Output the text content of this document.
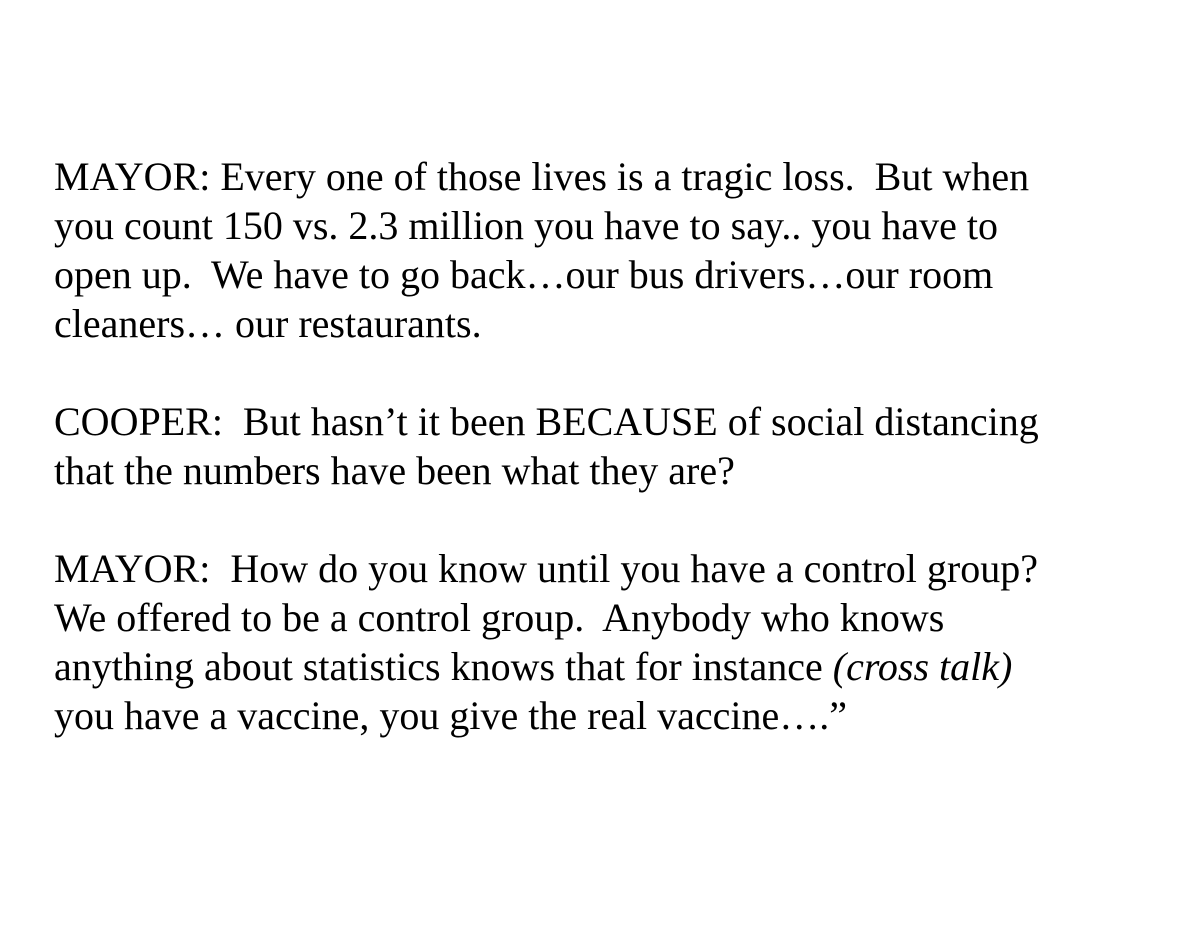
MAYOR: Every one of those lives is a tragic loss.  But when
you count 150 vs. 2.3 million you have to say.. you have to
open up.  We have to go back…our bus drivers…our room
cleaners… our restaurants.
COOPER:  But hasn’t it been BECAUSE of social distancing
that the numbers have been what they are?
MAYOR:  How do you know until you have a control group?
We offered to be a control group.  Anybody who knows
anything about statistics knows that for instance (cross talk)
you have a vaccine, you give the real vaccine….”
